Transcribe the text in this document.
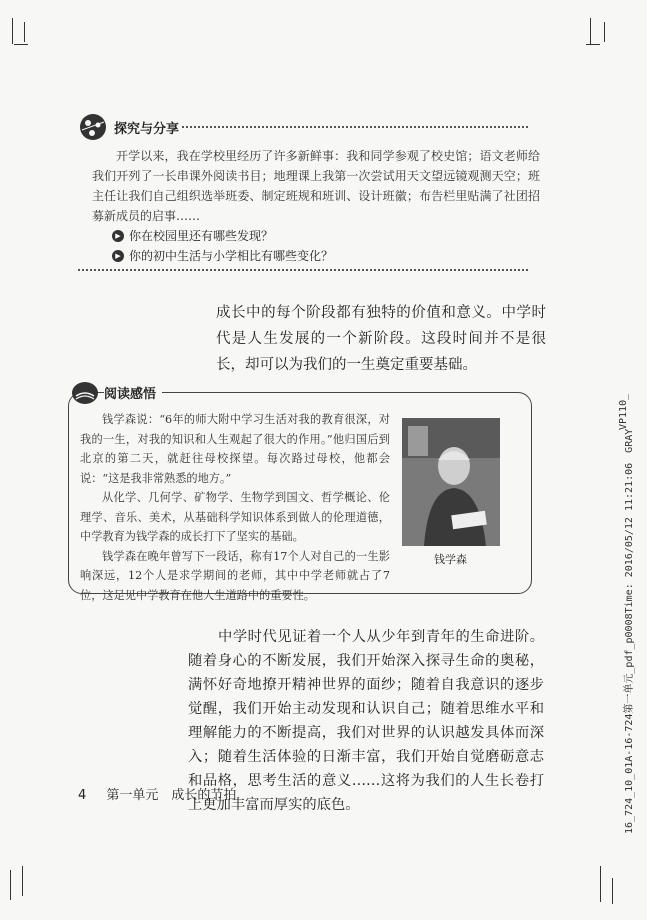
探究与分享
开学以来，我在学校里经历了许多新鲜事：我和同学参观了校史馆；语文老师给我们开列了一长串课外阅读书目；地理课上我第一次尝试用天文望远镜观测天空；班主任让我们自己组织选举班委、制定班规和班训、设计班徽；布告栏里贴满了社团招募新成员的启事……
▶ 你在校园里还有哪些发现？
▶ 你的初中生活与小学相比有哪些变化？
成长中的每个阶段都有独特的价值和意义。中学时代是人生发展的一个新阶段。这段时间并不是很长，却可以为我们的一生奠定重要基础。
阅读感悟

钱学森说：“6年的师大附中学习生活对我的教育很深，对我的一生，对我的知识和人生观起了很大的作用。”他归国后到北京的第二天，就赶往母校探望。每次路过母校，他都会说：“这是我非常熟悉的地方。”

从化学、几何学、矿物学、生物学到国文、哲学概论、伦理学、音乐、美术，从基础科学知识体系到做人的伦理道德，中学教育为钱学森的成长打下了坚实的基础。

钱学森在晚年曾写下一段话，称有17个人对自己的一生影响深远，12个人是求学期间的老师，其中中学老师就占了7位，这足见中学教育在他人生道路中的重要性。

钱学森

中学时代见证着一个人从少年到青年的生命进阶。随着身心的不断发展，我们开始深入探寻生命的奥秘，满怀好奇地撩开精神世界的面纱；随着自我意识的逐步觉醒，我们开始主动发现和认识自己；随着思维水平和理解能力的不断提高，我们对世界的认识越发具体而深入；随着生活体验的日渐丰富，我们开始自觉磨砺意志和品格，思考生活的意义……这将为我们的人生长卷打上更加丰富而厚实的底色。

4 第一单元　成长的节拍
VP110_
16_724_10_01A-16-724第一单元_pdf_p0008Time: 2016/05/12 11:21:06 GRAY
